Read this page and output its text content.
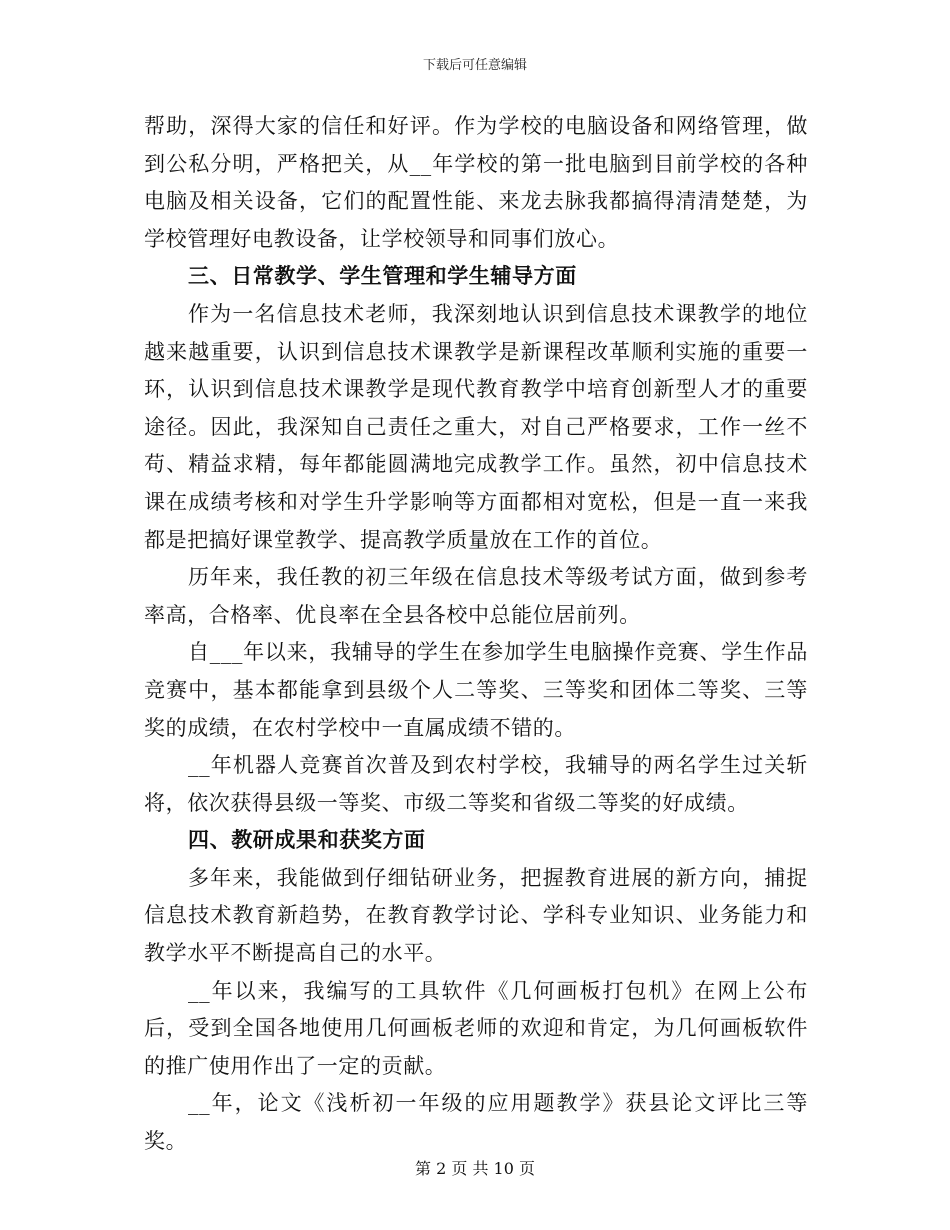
下载后可任意编辑

帮助，深得大家的信任和好评。作为学校的电脑设备和网络管理，做到公私分明，严格把关，从__年学校的第一批电脑到目前学校的各种电脑及相关设备，它们的配置性能、来龙去脉我都搞得清清楚楚，为学校管理好电教设备，让学校领导和同事们放心。

三、日常教学、学生管理和学生辅导方面

作为一名信息技术老师，我深刻地认识到信息技术课教学的地位越来越重要，认识到信息技术课教学是新课程改革顺利实施的重要一环，认识到信息技术课教学是现代教育教学中培育创新型人才的重要途径。因此，我深知自己责任之重大，对自己严格要求，工作一丝不苟、精益求精，每年都能圆满地完成教学工作。虽然，初中信息技术课在成绩考核和对学生升学影响等方面都相对宽松，但是一直一来我都是把搞好课堂教学、提高教学质量放在工作的首位。

历年来，我任教的初三年级在信息技术等级考试方面，做到参考率高，合格率、优良率在全县各校中总能位居前列。

自___年以来，我辅导的学生在参加学生电脑操作竞赛、学生作品竞赛中，基本都能拿到县级个人二等奖、三等奖和团体二等奖、三等奖的成绩，在农村学校中一直属成绩不错的。

__年机器人竞赛首次普及到农村学校，我辅导的两名学生过关斩将，依次获得县级一等奖、市级二等奖和省级二等奖的好成绩。

四、教研成果和获奖方面

多年来，我能做到仔细钻研业务，把握教育进展的新方向，捕捉信息技术教育新趋势，在教育教学讨论、学科专业知识、业务能力和教学水平不断提高自己的水平。

__年以来，我编写的工具软件《几何画板打包机》在网上公布后，受到全国各地使用几何画板老师的欢迎和肯定，为几何画板软件的推广使用作出了一定的贡献。

__年，论文《浅析初一年级的应用题教学》获县论文评比三等奖。

第 2 页 共 10 页
